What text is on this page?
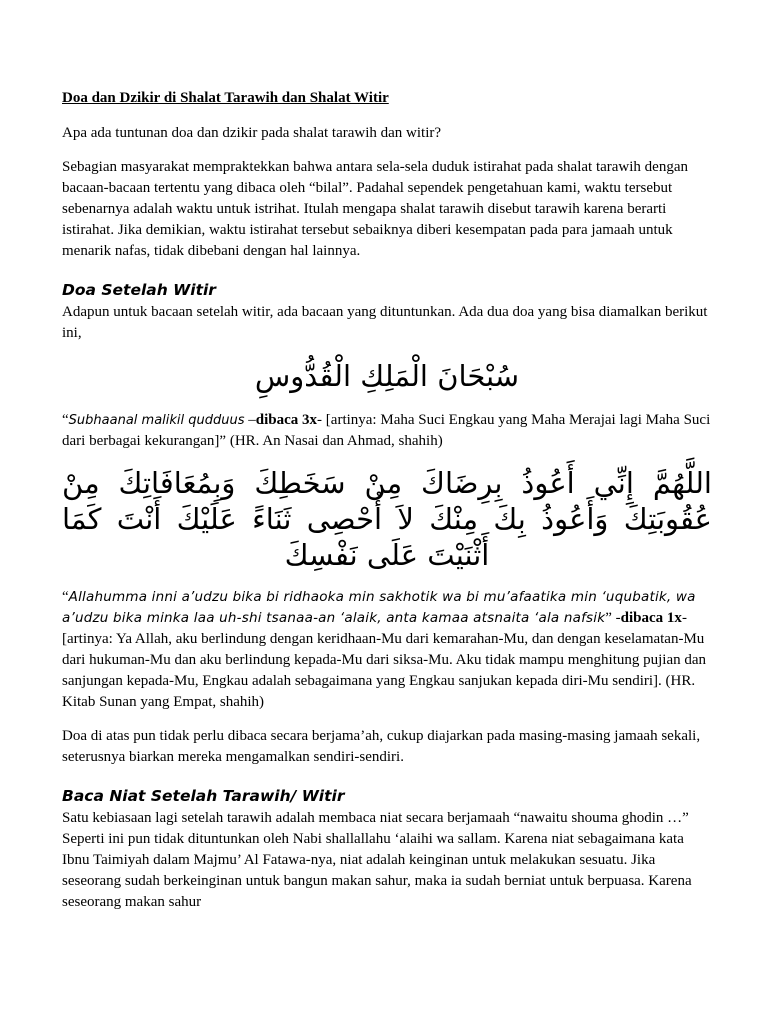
Doa dan Dzikir di Shalat Tarawih dan Shalat Witir

Apa ada tuntunan doa dan dzikir pada shalat tarawih dan witir?

Sebagian masyarakat mempraktekkan bahwa antara sela-sela duduk istirahat pada shalat tarawih dengan bacaan-bacaan tertentu yang dibaca oleh “bilal”. Padahal sependek pengetahuan kami, waktu tersebut sebenarnya adalah waktu untuk istrihat. Itulah mengapa shalat tarawih disebut tarawih karena berarti istirahat. Jika demikian, waktu istirahat tersebut sebaiknya diberi kesempatan pada para jamaah untuk menarik nafas, tidak dibebani dengan hal lainnya.

Doa Setelah Witir

Adapun untuk bacaan setelah witir, ada bacaan yang dituntunkan. Ada dua doa yang bisa diamalkan berikut ini,

سُبْحَانَ الْمَلِكِ الْقُدُّوسِ

“Subhaanal malikil qudduus –dibaca 3x- [artinya: Maha Suci Engkau yang Maha Merajai lagi Maha Suci dari berbagai kekurangan]” (HR. An Nasai dan Ahmad, shahih)

اللَّهُمَّ إِنِّي أَعُوذُ بِرِضَاكَ مِنْ سَخَطِكَ وَبِمُعَافَاتِكَ مِنْ عُقُوبَتِكَ وَأَعُوذُ بِكَ مِنْكَ لاَ أُحْصِى ثَنَاءً عَلَيْكَ أَنْتَ كَمَا أَثْنَيْتَ عَلَى نَفْسِكَ

“Allahumma inni a’udzu bika bi ridhaoka min sakhotik wa bi mu’afaatika min ‘uqubatik, wa a’udzu bika minka laa uh-shi tsanaa-an ‘alaik, anta kamaa atsnaita ‘ala nafsik” -dibaca 1x- [artinya: Ya Allah, aku berlindung dengan keridhaan-Mu dari kemarahan-Mu, dan dengan keselamatan-Mu dari hukuman-Mu dan aku berlindung kepada-Mu dari siksa-Mu. Aku tidak mampu menghitung pujian dan sanjungan kepada-Mu, Engkau adalah sebagaimana yang Engkau sanjukan kepada diri-Mu sendiri]. (HR. Kitab Sunan yang Empat, shahih)

Doa di atas pun tidak perlu dibaca secara berjama’ah, cukup diajarkan pada masing-masing jamaah sekali, seterusnya biarkan mereka mengamalkan sendiri-sendiri.

Baca Niat Setelah Tarawih/ Witir

Satu kebiasaan lagi setelah tarawih adalah membaca niat secara berjamaah “nawaitu shouma ghodin …” Seperti ini pun tidak dituntunkan oleh Nabi shallallahu ‘alaihi wa sallam. Karena niat sebagaimana kata Ibnu Taimiyah dalam Majmu’ Al Fatawa-nya, niat adalah keinginan untuk melakukan sesuatu. Jika seseorang sudah berkeinginan untuk bangun makan sahur, maka ia sudah berniat untuk berpuasa. Karena seseorang makan sahur
